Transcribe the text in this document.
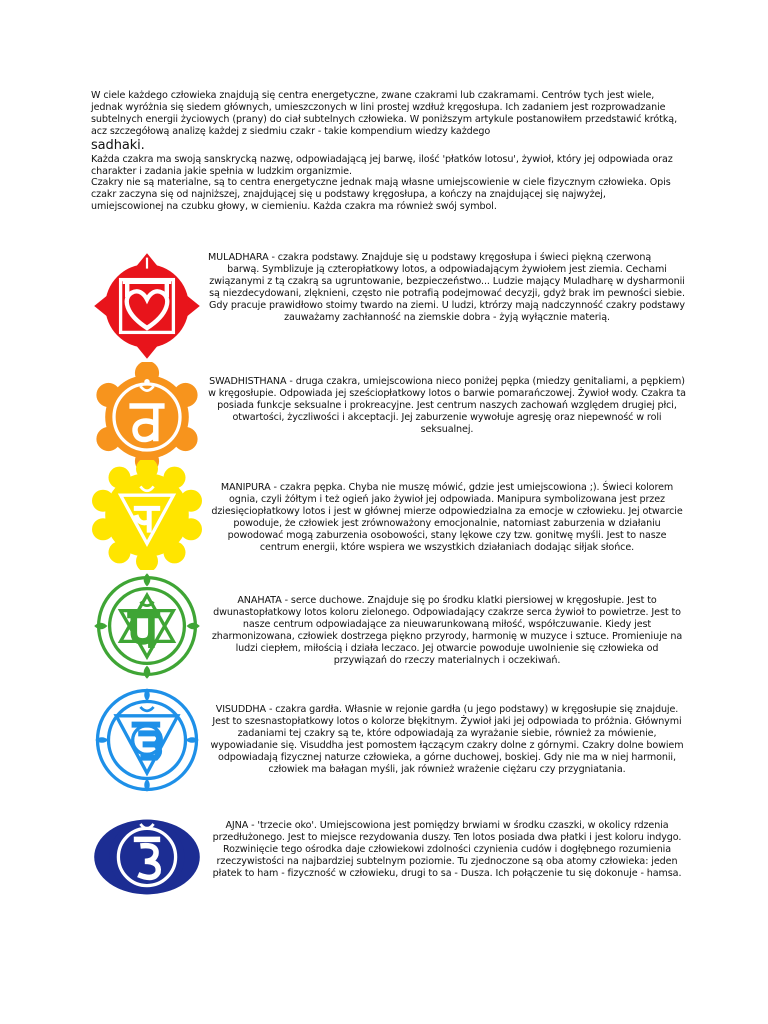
W ciele każdego człowieka znajdują się centra energetyczne, zwane czakrami lub czakramami. Centrów tych jest wiele, jednak wyróżnia się siedem głównych, umieszczonych w lini prostej wzdłuż kręgosłupa. Ich zadaniem jest rozprowadzanie subtelnych energii życiowych (prany) do ciał subtelnych człowieka. W poniższym artykule postanowiłem przedstawić krótką, acz szczegółową analizę każdej z siedmiu czakr - takie kompendium wiedzy każdego
sadhaki.

Każda czakra ma swoją sanskrycką nazwę, odpowiadającą jej barwę, ilość 'płatków lotosu', żywioł, który jej odpowiada oraz charakter i zadania jakie spełnia w ludzkim organizmie.

Czakry nie są materialne, są to centra energetyczne jednak mają własne umiejscowienie w ciele fizycznym człowieka. Opis czakr zaczyna się od najniższej, znajdującej się u podstawy kręgosłupa, a kończy na znajdującej się najwyżej, umiejscowionej na czubku głowy, w ciemieniu. Każda czakra ma również swój symbol.

MULADHARA - czakra podstawy. Znajduje się u podstawy kręgosłupa i świeci piękną czerwoną
barwą. Symblizuje ją czteropłatkowy lotos, a odpowiadającym żywiołem jest ziemia. Cechami związanymi z tą czakrą sa ugruntowanie, bezpieczeństwo... Ludzie mający Muladharę w dysharmonii są niezdecydowani, zlęknieni, często nie potrafią podejmować decyzji, gdyż brak im pewności siebie. Gdy pracuje prawidłowo stoimy twardo na ziemi. U ludzi, ktrórzy mają nadczynność czakry podstawy zauważamy zachłanność na ziemskie dobra - żyją wyłącznie materią.
SWADHISTHANA - druga czakra, umiejscowiona nieco poniżej pępka (miedzy genitaliami, a pępkiem) w kręgosłupie. Odpowiada jej sześciopłatkowy lotos o barwie pomarańczowej. Żywioł wody. Czakra ta posiada funkcje seksualne i prokreacyjne. Jest centrum naszych zachowań względem drugiej płci, otwartości, życzliwości i akceptacji. Jej zaburzenie wywołuje agresję oraz niepewność w roli seksualnej.
MANIPURA - czakra pępka. Chyba nie muszę mówić, gdzie jest umiejscowiona ;). Świeci kolorem ognia, czyli żółtym i też ogień jako żywioł jej odpowiada. Manipura symbolizowana jest przez dziesięciopłatkowy lotos i jest w głównej mierze odpowiedzialna za emocje w człowieku. Jej otwarcie powoduje, że człowiek jest zrównoważony emocjonalnie, natomiast zaburzenia w działaniu powodować mogą zaburzenia osobowości, stany lękowe czy tzw. gonitwę myśli. Jest to nasze centrum energii, które wspiera we wszystkich działaniach dodając siłjak słońce.
ANAHATA - serce duchowe. Znajduje się po środku klatki piersiowej w kręgosłupie. Jest to dwunastopłatkowy lotos koloru zielonego. Odpowiadający czakrze serca żywioł to powietrze. Jest to nasze centrum odpowiadające za nieuwarunkowaną miłość, współczuwanie. Kiedy jest zharmonizowana, człowiek dostrzega piękno przyrody, harmonię w muzyce i sztuce. Promieniuje na ludzi ciepłem, miłością i działa leczaco. Jej otwarcie powoduje uwolnienie się człowieka od przywiązań do rzeczy materialnych i oczekiwań.
VISUDDHA - czakra gardła. Własnie w rejonie gardła (u jego podstawy) w kręgosłupie się znajduje. Jest to szesnastopłatkowy lotos o kolorze błękitnym. Żywioł jaki jej odpowiada to próżnia. Głównymi zadaniami tej czakry są te, które odpowiadają za wyrażanie siebie, również za mówienie, wypowiadanie się. Visuddha jest pomostem łączącym czakry dolne z górnymi. Czakry dolne bowiem odpowiadają fizycznej naturze człowieka, a górne duchowej, boskiej. Gdy nie ma w niej harmonii, człowiek ma bałagan myśli, jak również wrażenie ciężaru czy przygniatania.
AJNA - 'trzecie oko'. Umiejscowiona jest pomiędzy brwiami w środku czaszki, w okolicy rdzenia przedłużonego. Jest to miejsce rezydowania duszy. Ten lotos posiada dwa płatki i jest koloru indygo. Rozwinięcie tego ośrodka daje człowiekowi zdolności czynienia cudów i dogłębnego rozumienia rzeczywistości na najbardziej subtelnym poziomie. Tu zjednoczone są oba atomy człowieka: jeden płatek to ham - fizyczność w człowieku, drugi to sa - Dusza. Ich połączenie tu się dokonuje - hamsa.
